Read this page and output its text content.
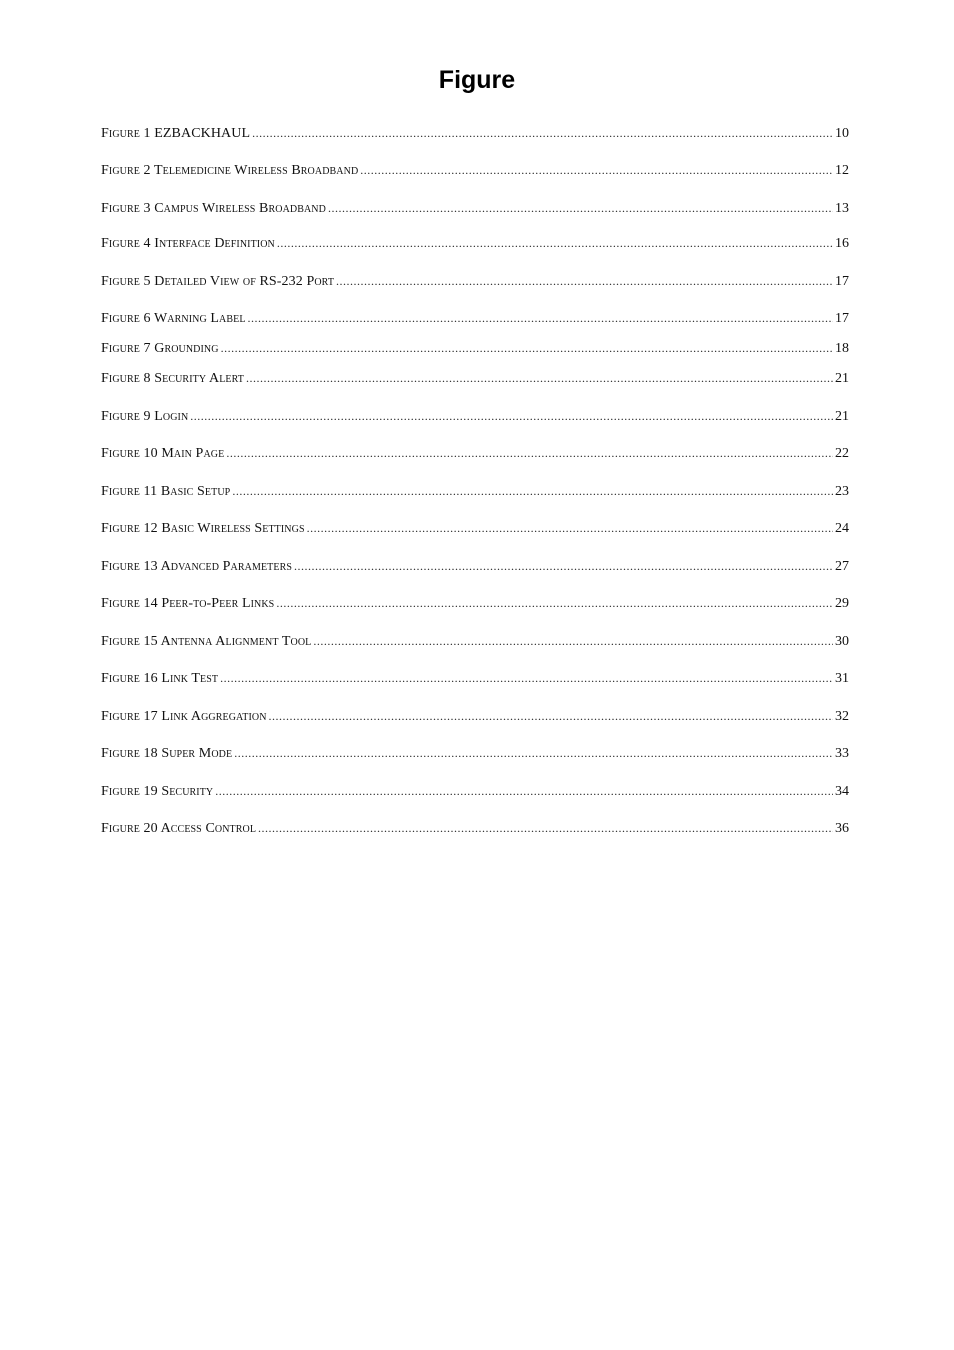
Figure
Figure 1 EZBACKHAUL .....	10
Figure 2 Telemedicine Wireless Broadband .....	12
Figure 3 Campus Wireless Broadband .....	13
Figure 4 Interface Definition .....	16
Figure 5 Detailed View of RS-232 Port .....	17
Figure 6 Warning Label .....	17
Figure 7 Grounding .....	18
Figure 8 Security Alert .....	21
Figure 9 Login .....	21
Figure 10 Main Page .....	22
Figure 11 Basic Setup .....	23
Figure 12 Basic Wireless Settings .....	24
Figure 13 Advanced Parameters .....	27
Figure 14 Peer-to-Peer Links .....	29
Figure 15 Antenna Alignment Tool .....	30
Figure 16 Link Test .....	31
Figure 17 Link Aggregation .....	32
Figure 18 Super Mode .....	33
Figure 19 Security .....	34
Figure 20 Access Control .....	36
